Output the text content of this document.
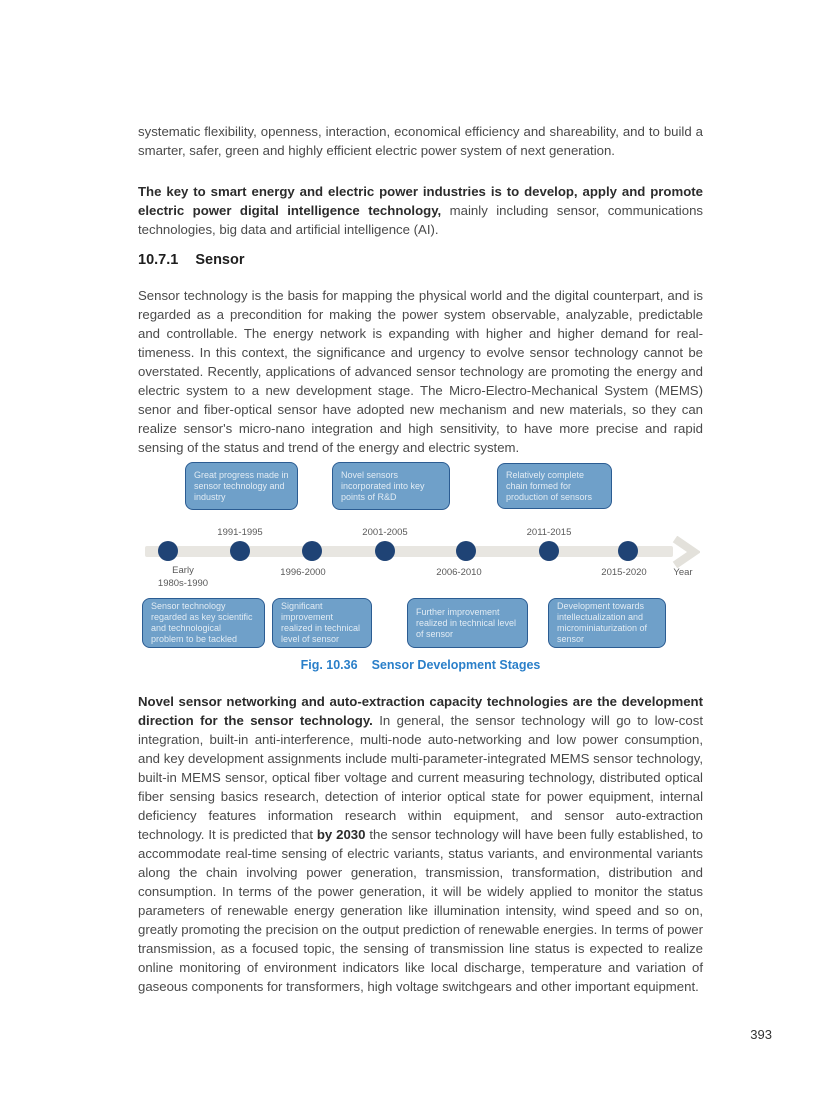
systematic flexibility, openness, interaction, economical efficiency and shareability, and to build a smarter, safer, green and highly efficient electric power system of next generation.

The key to smart energy and electric power industries is to develop, apply and promote electric power digital intelligence technology, mainly including sensor, communications technologies, big data and artificial intelligence (AI).

10.7.1 Sensor

Sensor technology is the basis for mapping the physical world and the digital counterpart, and is regarded as a precondition for making the power system observable, analyzable, predictable and controllable. The energy network is expanding with higher and higher demand for real-timeness. In this context, the significance and urgency to evolve sensor technology cannot be overstated. Recently, applications of advanced sensor technology are promoting the energy and electric system to a new development stage. The Micro-Electro-Mechanical System (MEMS) senor and fiber-optical sensor have adopted new mechanism and new materials, so they can realize sensor's micro-nano integration and high sensitivity, to have more precise and rapid sensing of the status and trend of the energy and electric system.

Great progress made in sensor technology and industry
Novel sensors incorporated into key points of R&D
Relatively complete chain formed for production of sensors
1991-1995	2001-2005	2011-2015
Early
1980s-1990
1996-2000	2006-2010	2015-2020	Year
Sensor technology regarded as key scientific and technological problem to be tackled
Significant improvement realized in technical level of sensor
Further improvement realized in technical level of sensor
Development towards intellectualization and microminiaturization of sensor
Fig. 10.36 Sensor Development Stages

Novel sensor networking and auto-extraction capacity technologies are the development direction for the sensor technology. In general, the sensor technology will go to low-cost integration, built-in anti-interference, multi-node auto-networking and low power consumption, and key development assignments include multi-parameter-integrated MEMS sensor technology, built-in MEMS sensor, optical fiber voltage and current measuring technology, distributed optical fiber sensing basics research, detection of interior optical state for power equipment, internal deficiency features information research within equipment, and sensor auto-extraction technology. It is predicted that by 2030 the sensor technology will have been fully established, to accommodate real-time sensing of electric variants, status variants, and environmental variants along the chain involving power generation, transmission, transformation, distribution and consumption. In terms of the power generation, it will be widely applied to monitor the status parameters of renewable energy generation like illumination intensity, wind speed and so on, greatly promoting the precision on the output prediction of renewable energies. In terms of power transmission, as a focused topic, the sensing of transmission line status is expected to realize online monitoring of environment indicators like local discharge, temperature and variation of gaseous components for transformers, high voltage switchgears and other important equipment.

393
